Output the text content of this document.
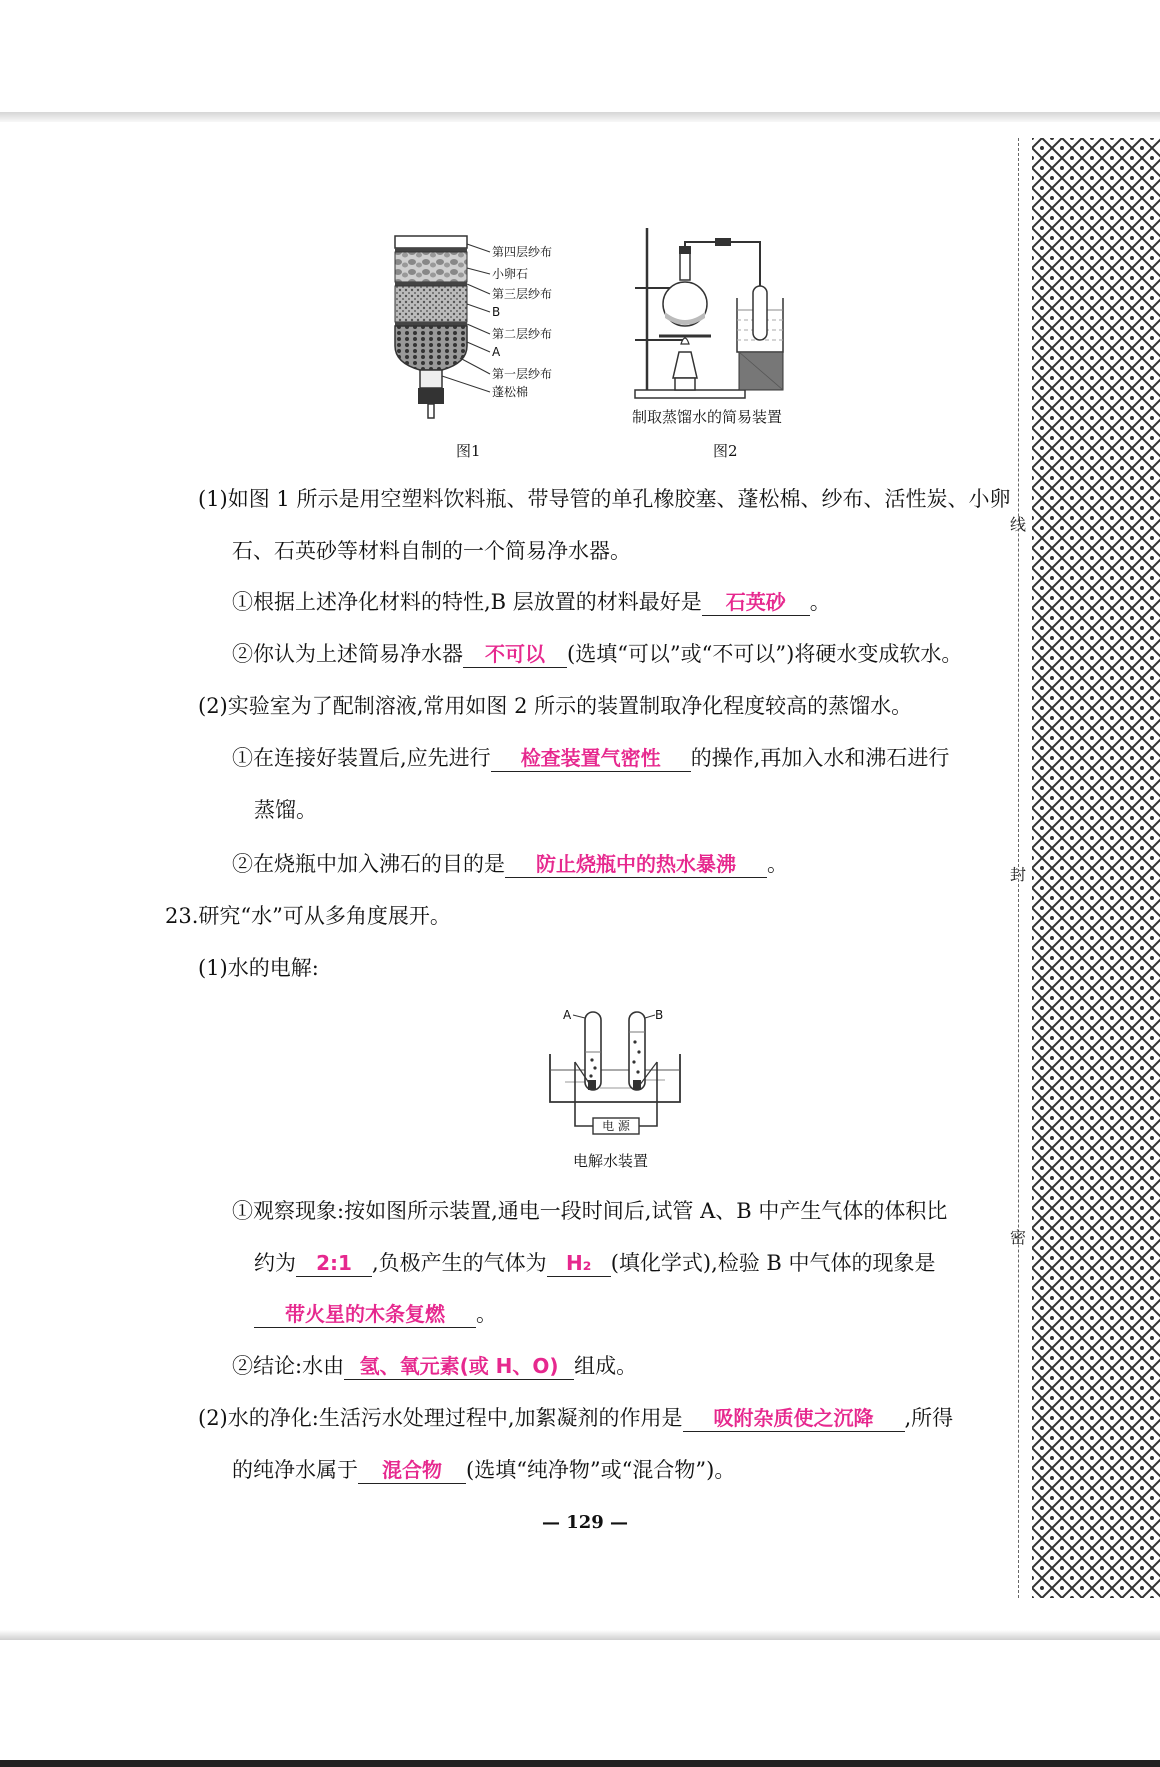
线
封
密
第四层纱布
小卵石
第三层纱布
B
第二层纱布
A
第一层纱布
蓬松棉
图1
制取蒸馏水的简易装置
图2
(1)如图 1 所示是用空塑料饮料瓶、带导管的单孔橡胶塞、蓬松棉、纱布、活性炭、小卵
石、石英砂等材料自制的一个简易净水器。
①根据上述净化材料的特性,B 层放置的材料最好是 石英砂 。
②你认为上述简易净水器 不可以 (选填“可以”或“不可以”)将硬水变成软水。
(2)实验室为了配制溶液,常用如图 2 所示的装置制取净化程度较高的蒸馏水。
①在连接好装置后,应先进行 检查装置气密性 的操作,再加入水和沸石进行
蒸馏。
②在烧瓶中加入沸石的目的是 防止烧瓶中的热水暴沸 。
23.研究“水”可从多角度展开。
(1)水的电解:
电 源
A	B
电解水装置
①观察现象:按如图所示装置,通电一段时间后,试管 A、B 中产生气体的体积比
约为 2:1 ,负极产生的气体为 H₂ (填化学式),检验 B 中气体的现象是
带火星的木条复燃 。
②结论:水由 氢、氧元素(或 H、O) 组成。
(2)水的净化:生活污水处理过程中,加絮凝剂的作用是 吸附杂质使之沉降 ,所得
的纯净水属于 混合物 (选填“纯净物”或“混合物”)。
— 129 —
